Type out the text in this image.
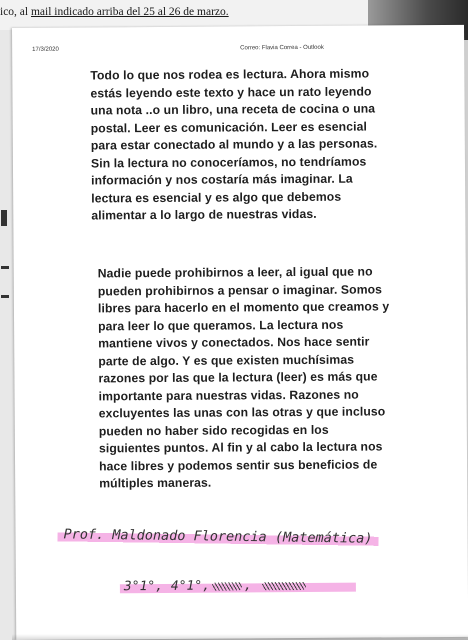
ico, al mail indicado arriba del 25 al 26 de marzo.
17/3/2020	Correo: Flavia Correa - Outlook
Todo lo que nos rodea es lectura. Ahora mismo estás leyendo este texto y hace un rato leyendo una nota ..o un libro, una receta de cocina o una postal. Leer es comunicación. Leer es esencial para estar conectado al mundo y a las personas. Sin la lectura no conoceríamos, no tendríamos información y nos costaría más imaginar. La lectura es esencial y es algo que debemos alimentar a lo largo de nuestras vidas.
Nadie puede prohibirnos a leer, al igual que no pueden prohibirnos a pensar o imaginar. Somos libres para hacerlo en el momento que creamos y para leer lo que queramos. La lectura nos mantiene vivos y conectados. Nos hace sentir parte de algo. Y es que existen muchísimas razones por las que la lectura (leer) es más que importante para nuestras vidas. Razones no excluyentes las unas con las otras y que incluso pueden no haber sido recogidas en los siguientes puntos. Al fin y al cabo la lectura nos hace libres y podemos sentir sus beneficios de múltiples maneras.
Prof. Maldonado Florencia (Matemática)
3°1°, 4°1°,	,
